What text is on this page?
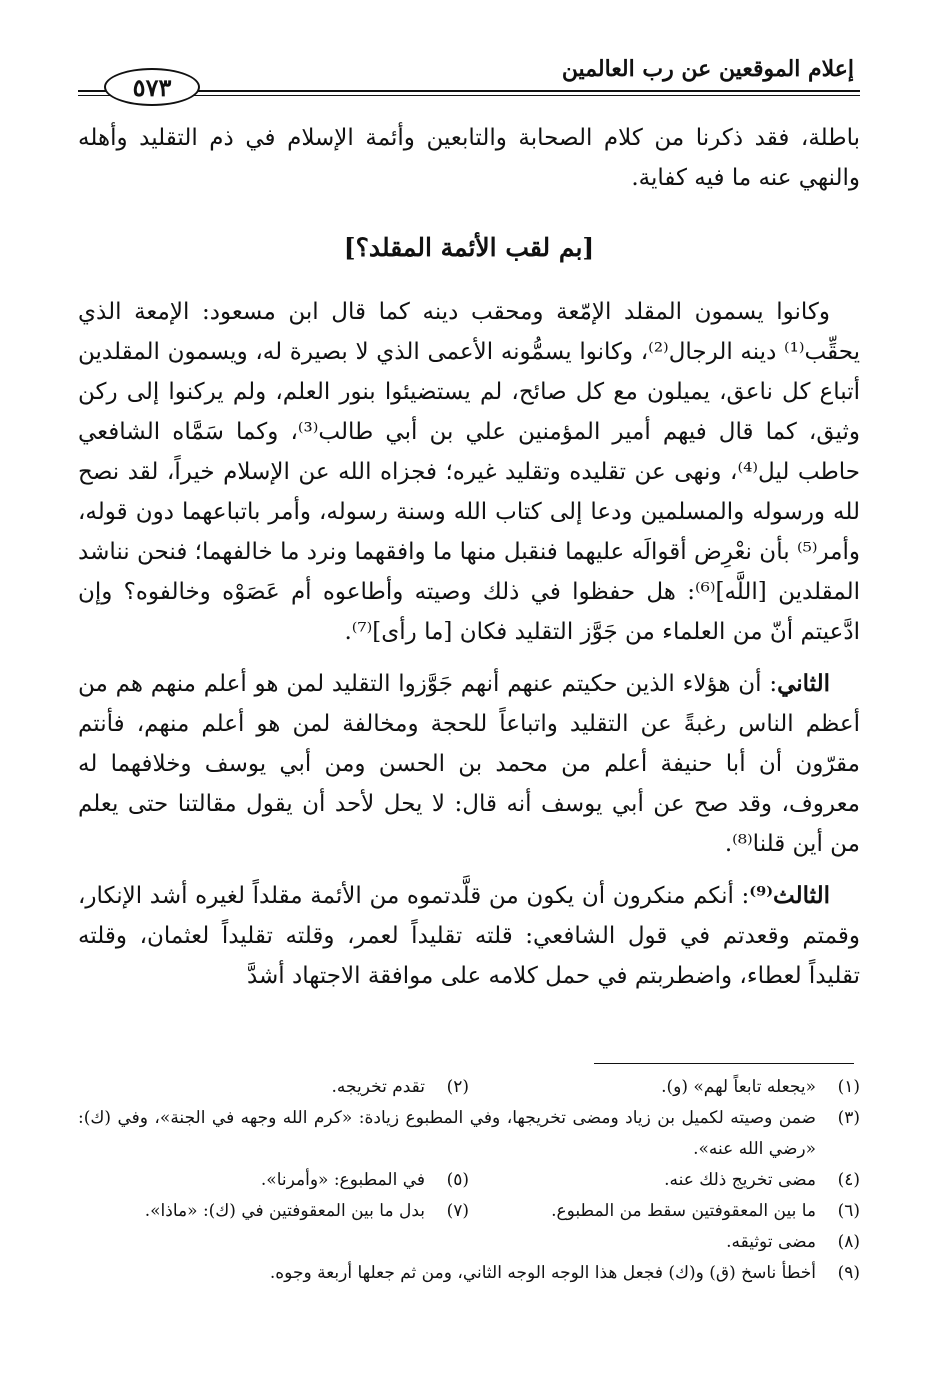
إعلام الموقعين عن رب العالمين
٥٧٣

باطلة، فقد ذكرنا من كلام الصحابة والتابعين وأئمة الإسلام في ذم التقليد وأهله والنهي عنه ما فيه كفاية.

[بم لقب الأئمة المقلد؟]

وكانوا يسمون المقلد الإمّعة ومحقب دينه كما قال ابن مسعود: الإمعة الذي يحقِّب⁽¹⁾ دينه الرجال⁽²⁾، وكانوا يسمُّونه الأعمى الذي لا بصيرة له، ويسمون المقلدين أتباع كل ناعق، يميلون مع كل صائح، لم يستضيئوا بنور العلم، ولم يركنوا إلى ركن وثيق، كما قال فيهم أمير المؤمنين علي بن أبي طالب⁽³⁾، وكما سَمَّاه الشافعي حاطب ليل⁽⁴⁾، ونهى عن تقليده وتقليد غيره؛ فجزاه الله عن الإسلام خيراً، لقد نصح لله ورسوله والمسلمين ودعا إلى كتاب الله وسنة رسوله، وأمر باتباعهما دون قوله، وأمر⁽⁵⁾ بأن نعْرِض أقوالَه عليهما فنقبل منها ما وافقهما ونرد ما خالفهما؛ فنحن نناشد المقلدين [اللَّه]⁽⁶⁾: هل حفظوا في ذلك وصيته وأطاعوه أم عَصَوْه وخالفوه؟ وإن ادَّعيتم أنّ من العلماء من جَوَّز التقليد فكان [ما رأى]⁽⁷⁾.

الثاني: أن هؤلاء الذين حكيتم عنهم أنهم جَوَّزوا التقليد لمن هو أعلم منهم هم من أعظم الناس رغبةً عن التقليد واتباعاً للحجة ومخالفة لمن هو أعلم منهم، فأنتم مقرّون أن أبا حنيفة أعلم من محمد بن الحسن ومن أبي يوسف وخلافهما له معروف، وقد صح عن أبي يوسف أنه قال: لا يحل لأحد أن يقول مقالتنا حتى يعلم من أين قلنا⁽⁸⁾.

الثالث⁽⁹⁾: أنكم منكرون أن يكون من قلَّدتموه من الأئمة مقلداً لغيره أشد الإنكار، وقمتم وقعدتم في قول الشافعي: قلته تقليداً لعمر، وقلته تقليداً لعثمان، وقلته تقليداً لعطاء، واضطربتم في حمل كلامه على موافقة الاجتهاد أشدَّ

(١)
«يجعله تابعاً لهم» (و).
(٢)
تقدم تخريجه.
(٣)
ضمن وصيته لكميل بن زياد ومضى تخريجها، وفي المطبوع زيادة: «كرم الله وجهه في الجنة»، وفي (ك): «رضي الله عنه».
(٤)
مضى تخريج ذلك عنه.
(٥)
في المطبوع: «وأمرنا».
(٦)
ما بين المعقوفتين سقط من المطبوع.
(٧)
بدل ما بين المعقوفتين في (ك): «ماذا».
(٨)
مضى توثيقه.
(٩)
أخطأ ناسخ (ق) و(ك) فجعل هذا الوجه الوجه الثاني، ومن ثم جعلها أربعة وجوه.
